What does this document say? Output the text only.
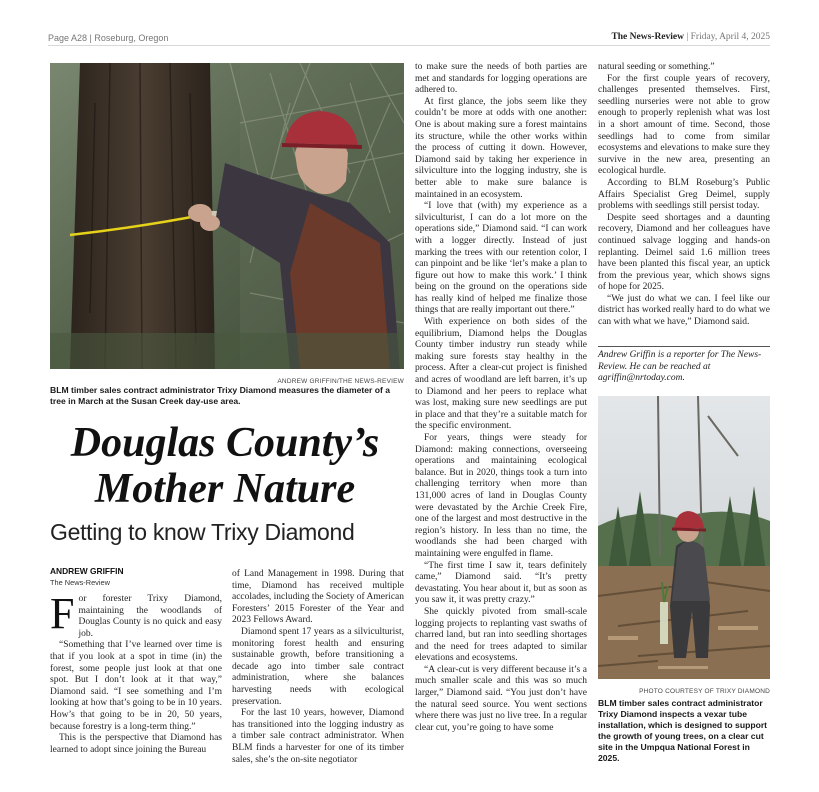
Page A28 | Roseburg, Oregon	The News-Review | Friday, April 4, 2025
ANDREW GRIFFIN/THE NEWS-REVIEW
BLM timber sales contract administrator Trixy Diamond measures the diameter of a tree in March at the Susan Creek day-use area.
Douglas County’s
Mother Nature
Getting to know Trixy Diamond
ANDREW GRIFFIN
The News-Review

For forester Trixy Diamond, maintaining the woodlands of Douglas County is no quick and easy job.

“Something that I’ve learned over time is that if you look at a spot in time (in) the forest, some people just look at that one spot. But I don’t look at it that way,” Diamond said. “I see something and I’m looking at how that’s going to be in 10 years. How’s that going to be in 20, 50 years, because forestry is a long-term thing.”

This is the perspective that Diamond has learned to adopt since joining the Bureau

of Land Management in 1998. During that time, Diamond has received multiple accolades, including the Society of American Foresters’ 2015 Forester of the Year and 2023 Fellows Award.

Diamond spent 17 years as a silviculturist, monitoring forest health and ensuring sustainable growth, before transitioning a decade ago into timber sale contract administration, where she balances harvesting needs with ecological preservation.

For the last 10 years, however, Diamond has transitioned into the logging industry as a timber sale contract administrator. When BLM finds a harvester for one of its timber sales, she’s the on-site negotiator

to make sure the needs of both parties are met and standards for logging operations are adhered to.

At first glance, the jobs seem like they couldn’t be more at odds with one another: One is about making sure a forest maintains its structure, while the other works within the process of cutting it down. However, Diamond said by taking her experience in silviculture into the logging industry, she is better able to make sure balance is maintained in an ecosystem.

“I love that (with) my experience as a silviculturist, I can do a lot more on the operations side,” Diamond said. “I can work with a logger directly. Instead of just marking the trees with our retention color, I can pinpoint and be like ‘let’s make a plan to figure out how to make this work.’ I think being on the ground on the operations side has really kind of helped me finalize those things that are really important out there.”

With experience on both sides of the equilibrium, Diamond helps the Douglas County timber industry run steady while making sure forests stay healthy in the process. After a clear-cut project is finished and acres of woodland are left barren, it’s up to Diamond and her peers to replace what was lost, making sure new seedlings are put in place and that they’re a suitable match for the specific environment.

For years, things were steady for Diamond: making connections, overseeing operations and maintaining ecological balance. But in 2020, things took a turn into challenging territory when more than 131,000 acres of land in Douglas County were devastated by the Archie Creek Fire, one of the largest and most destructive in the region’s history. In less than no time, the woodlands she had been charged with maintaining were engulfed in flame.

“The first time I saw it, tears definitely came,” Diamond said. “It’s pretty devastating. You hear about it, but as soon as you saw it, it was pretty crazy.”

She quickly pivoted from small-scale logging projects to replanting vast swaths of charred land, but ran into seedling shortages and the need for trees adapted to similar elevations and ecosystems.

“A clear-cut is very different because it’s a much smaller scale and this was so much larger,” Diamond said. “You just don’t have the natural seed source. You went sections where there was just no live tree. In a regular clear cut, you’re going to have some

natural seeding or something.”

For the first couple years of recovery, challenges presented themselves. First, seedling nurseries were not able to grow enough to properly replenish what was lost in a short amount of time. Second, those seedlings had to come from similar ecosystems and elevations to make sure they survive in the new area, presenting an ecological hurdle.

According to BLM Roseburg’s Public Affairs Specialist Greg Deimel, supply problems with seedlings still persist today.

Despite seed shortages and a daunting recovery, Diamond and her colleagues have continued salvage logging and hands-on replanting. Deimel said 1.6 million trees have been planted this fiscal year, an uptick from the previous year, which shows signs of hope for 2025.

“We just do what we can. I feel like our district has worked really hard to do what we can with what we have,” Diamond said.

Andrew Griffin is a reporter for The News-Review. He can be reached at agriffin@nrtoday.com.
PHOTO COURTESY OF TRIXY DIAMOND
BLM timber sales contract administrator Trixy Diamond inspects a vexar tube installation, which is designed to support the growth of young trees, on a clear cut site in the Umpqua National Forest in 2025.
